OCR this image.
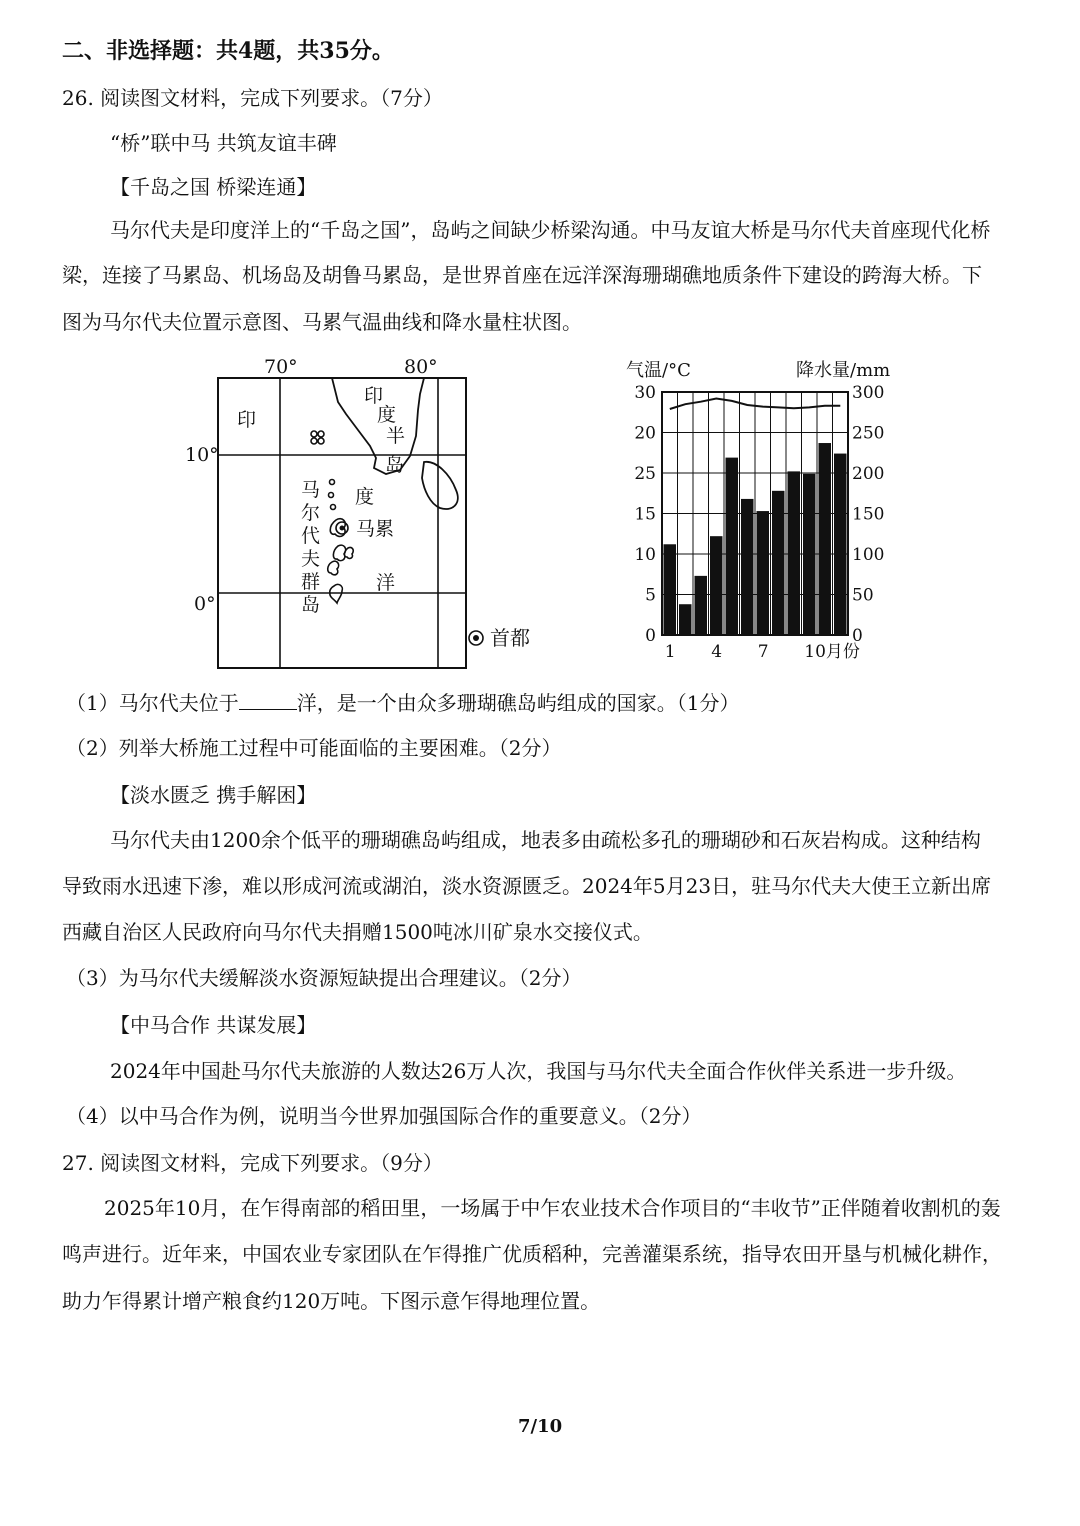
二、非选择题：共4题，共35分。
26. 阅读图文材料，完成下列要求。（7分）
“桥”联中马 共筑友谊丰碑
【千岛之国 桥梁连通】
马尔代夫是印度洋上的“千岛之国”，岛屿之间缺少桥梁沟通。中马友谊大桥是马尔代夫首座现代化桥
梁，连接了马累岛、机场岛及胡鲁马累岛，是世界首座在远洋深海珊瑚礁地质条件下建设的跨海大桥。下
图为马尔代夫位置示意图、马累气温曲线和降水量柱状图。
70°	80°
10°
0°
印
印
度
半
岛
度
洋
马累
马
尔
代
夫
群
岛
首都
气温/°C	降水量/mm
0	0
5	50
10	100
15	150
25	200
20	250
30	300
1 4 7 10月份
（1）马尔代夫位于	洋，是一个由众多珊瑚礁岛屿组成的国家。（1分）
（2）列举大桥施工过程中可能面临的主要困难。（2分）
【淡水匮乏 携手解困】
马尔代夫由1200余个低平的珊瑚礁岛屿组成，地表多由疏松多孔的珊瑚砂和石灰岩构成。这种结构
导致雨水迅速下渗，难以形成河流或湖泊，淡水资源匮乏。2024年5月23日，驻马尔代夫大使王立新出席
西藏自治区人民政府向马尔代夫捐赠1500吨冰川矿泉水交接仪式。
（3）为马尔代夫缓解淡水资源短缺提出合理建议。（2分）
【中马合作 共谋发展】
2024年中国赴马尔代夫旅游的人数达26万人次，我国与马尔代夫全面合作伙伴关系进一步升级。
（4）以中马合作为例，说明当今世界加强国际合作的重要意义。（2分）
27. 阅读图文材料，完成下列要求。（9分）
2025年10月，在乍得南部的稻田里，一场属于中乍农业技术合作项目的“丰收节”正伴随着收割机的轰
鸣声进行。近年来，中国农业专家团队在乍得推广优质稻种，完善灌渠系统，指导农田开垦与机械化耕作，
助力乍得累计增产粮食约120万吨。下图示意乍得地理位置。
7/10
